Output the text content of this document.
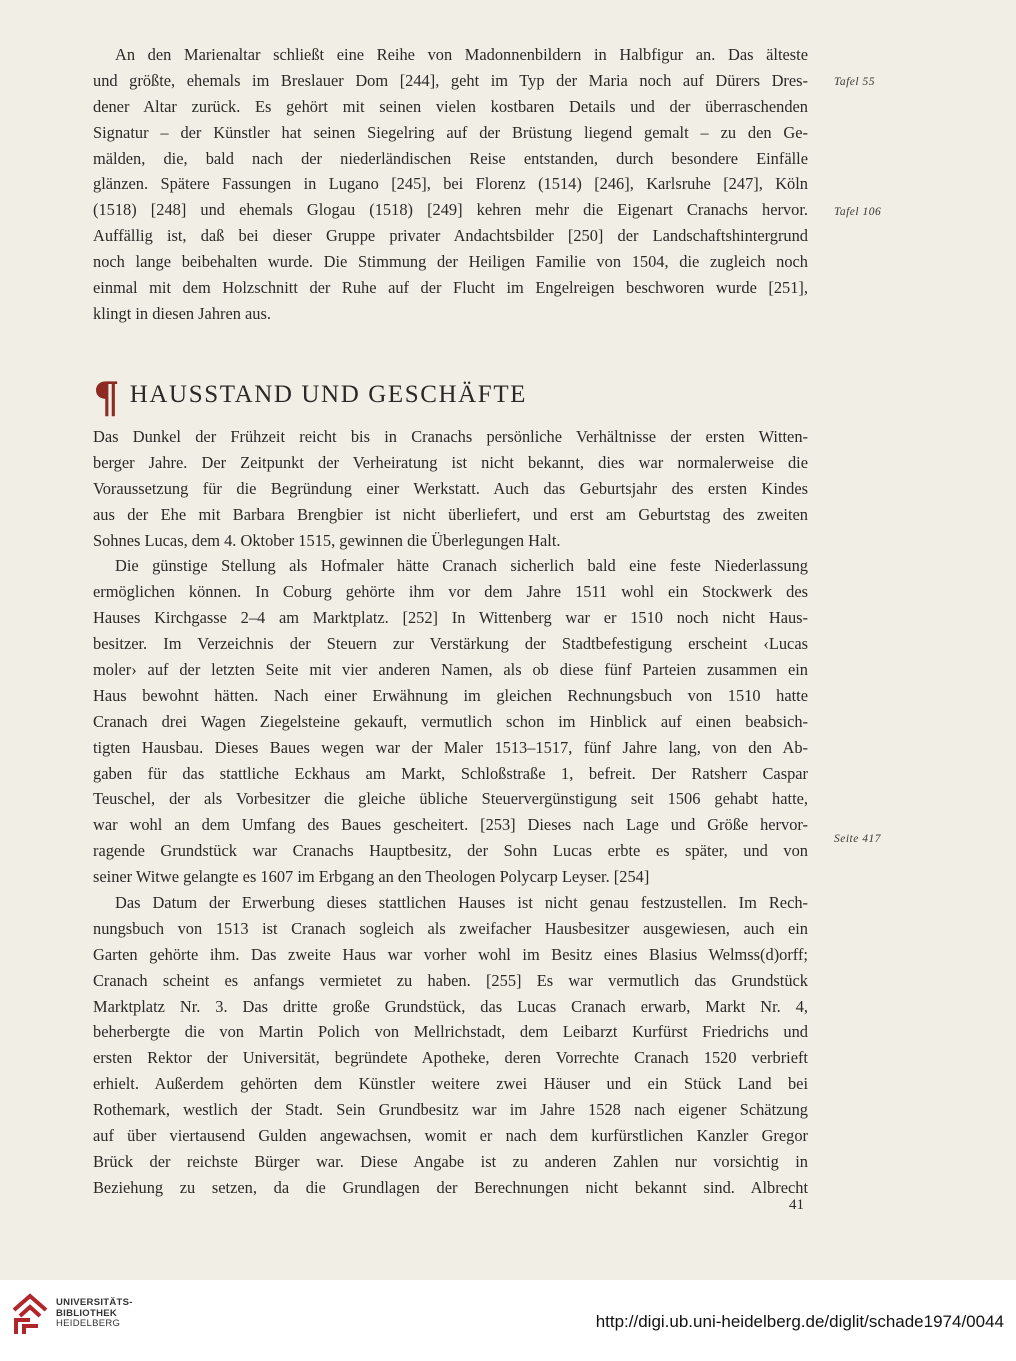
An den Marienaltar schließt eine Reihe von Madonnenbildern in Halbfigur an. Das älteste
und größte, ehemals im Breslauer Dom [244], geht im Typ der Maria noch auf Dürers Dres-
dener Altar zurück. Es gehört mit seinen vielen kostbaren Details und der überraschenden
Signatur – der Künstler hat seinen Siegelring auf der Brüstung liegend gemalt – zu den Ge-
mälden, die, bald nach der niederländischen Reise entstanden, durch besondere Einfälle
glänzen. Spätere Fassungen in Lugano [245], bei Florenz (1514) [246], Karlsruhe [247], Köln
(1518) [248] und ehemals Glogau (1518) [249] kehren mehr die Eigenart Cranachs hervor.
Auffällig ist, daß bei dieser Gruppe privater Andachtsbilder [250] der Landschaftshintergrund
noch lange beibehalten wurde. Die Stimmung der Heiligen Familie von 1504, die zugleich noch
einmal mit dem Holzschnitt der Ruhe auf der Flucht im Engelreigen beschworen wurde [251],
klingt in diesen Jahren aus.
¶ HAUSSTAND UND GESCHÄFTE
Das Dunkel der Frühzeit reicht bis in Cranachs persönliche Verhältnisse der ersten Witten-
berger Jahre. Der Zeitpunkt der Verheiratung ist nicht bekannt, dies war normalerweise die
Voraussetzung für die Begründung einer Werkstatt. Auch das Geburtsjahr des ersten Kindes
aus der Ehe mit Barbara Brengbier ist nicht überliefert, und erst am Geburtstag des zweiten
Sohnes Lucas, dem 4. Oktober 1515, gewinnen die Überlegungen Halt.
Die günstige Stellung als Hofmaler hätte Cranach sicherlich bald eine feste Niederlassung
ermöglichen können. In Coburg gehörte ihm vor dem Jahre 1511 wohl ein Stockwerk des
Hauses Kirchgasse 2–4 am Marktplatz. [252] In Wittenberg war er 1510 noch nicht Haus-
besitzer. Im Verzeichnis der Steuern zur Verstärkung der Stadtbefestigung erscheint ‹Lucas
moler› auf der letzten Seite mit vier anderen Namen, als ob diese fünf Parteien zusammen ein
Haus bewohnt hätten. Nach einer Erwähnung im gleichen Rechnungsbuch von 1510 hatte
Cranach drei Wagen Ziegelsteine gekauft, vermutlich schon im Hinblick auf einen beabsich-
tigten Hausbau. Dieses Baues wegen war der Maler 1513–1517, fünf Jahre lang, von den Ab-
gaben für das stattliche Eckhaus am Markt, Schloßstraße 1, befreit. Der Ratsherr Caspar
Teuschel, der als Vorbesitzer die gleiche übliche Steuervergünstigung seit 1506 gehabt hatte,
war wohl an dem Umfang des Baues gescheitert. [253] Dieses nach Lage und Größe hervor-
ragende Grundstück war Cranachs Hauptbesitz, der Sohn Lucas erbte es später, und von
seiner Witwe gelangte es 1607 im Erbgang an den Theologen Polycarp Leyser. [254]
Das Datum der Erwerbung dieses stattlichen Hauses ist nicht genau festzustellen. Im Rech-
nungsbuch von 1513 ist Cranach sogleich als zweifacher Hausbesitzer ausgewiesen, auch ein
Garten gehörte ihm. Das zweite Haus war vorher wohl im Besitz eines Blasius Welmss(d)orff;
Cranach scheint es anfangs vermietet zu haben. [255] Es war vermutlich das Grundstück
Marktplatz Nr. 3. Das dritte große Grundstück, das Lucas Cranach erwarb, Markt Nr. 4,
beherbergte die von Martin Polich von Mellrichstadt, dem Leibarzt Kurfürst Friedrichs und
ersten Rektor der Universität, begründete Apotheke, deren Vorrechte Cranach 1520 verbrieft
erhielt. Außerdem gehörten dem Künstler weitere zwei Häuser und ein Stück Land bei
Rothemark, westlich der Stadt. Sein Grundbesitz war im Jahre 1528 nach eigener Schätzung
auf über viertausend Gulden angewachsen, womit er nach dem kurfürstlichen Kanzler Gregor
Brück der reichste Bürger war. Diese Angabe ist zu anderen Zahlen nur vorsichtig in
Beziehung zu setzen, da die Grundlagen der Berechnungen nicht bekannt sind. Albrecht
Tafel 55
Tafel 106
Seite 417
41
UNIVERSITÄTS-
BIBLIOTHEK
HEIDELBERG	http://digi.ub.uni-heidelberg.de/diglit/schade1974/0044
